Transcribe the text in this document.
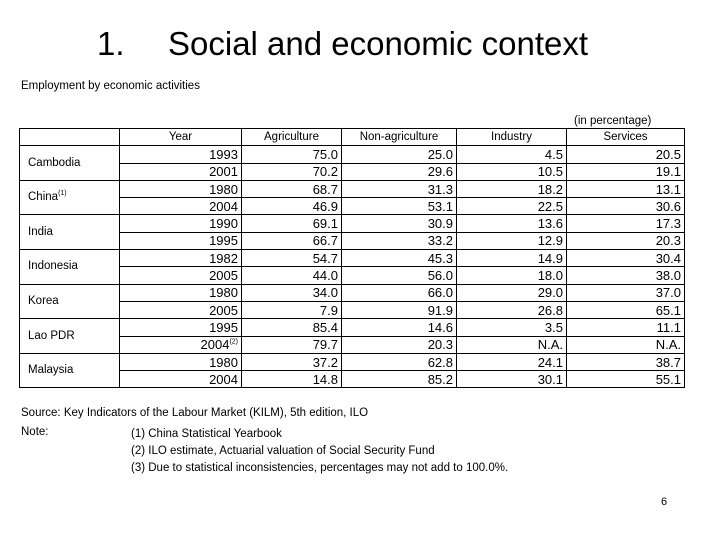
1. Social and economic context
Employment by economic activities
(in percentage)
	Year	Agriculture	Non-agriculture	Industry	Services
Cambodia	1993	75.0	25.0	4.5	20.5
	2001	70.2	29.6	10.5	19.1
China$^{(1)}$	1980	68.7	31.3	18.2	13.1
	2004	46.9	53.1	22.5	30.6
India	1990	69.1	30.9	13.6	17.3
	1995	66.7	33.2	12.9	20.3
Indonesia	1982	54.7	45.3	14.9	30.4
	2005	44.0	56.0	18.0	38.0
Korea	1980	34.0	66.0	29.0	37.0
	2005	7.9	91.9	26.8	65.1
Lao PDR	1995	85.4	14.6	3.5	11.1
	2004$^{(2)}$	79.7	20.3	N.A.	N.A.
Malaysia	1980	37.2	62.8	24.1	38.7
	2004	14.8	85.2	30.1	55.1
Source: Key Indicators of the Labour Market (KILM), 5th edition, ILO
Note:	(1) China Statistical Yearbook
(2) ILO estimate, Actuarial valuation of Social Security Fund
(3) Due to statistical inconsistencies, percentages may not add to 100.0%.
6
